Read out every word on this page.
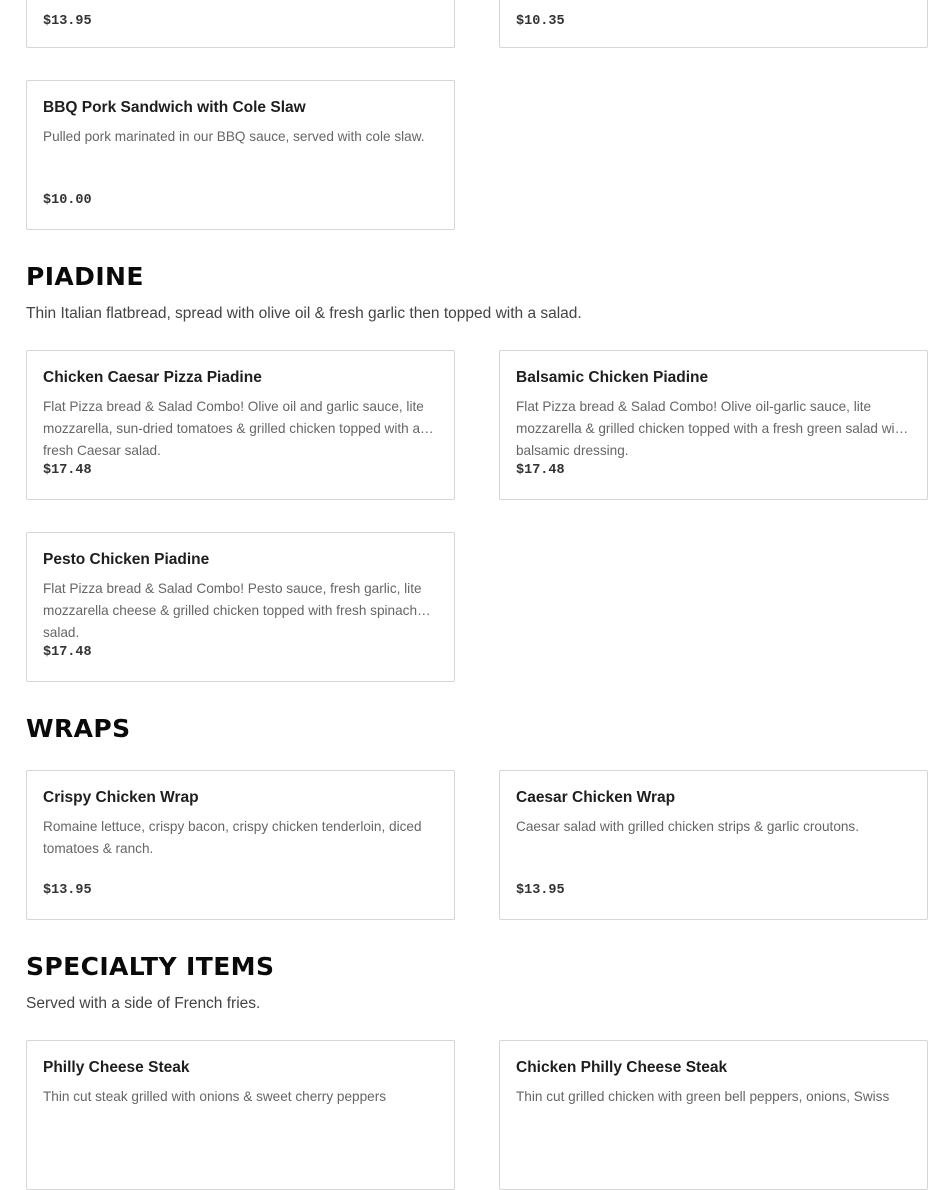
$13.95	$10.35
BBQ Pork Sandwich with Cole Slaw
Pulled pork marinated in our BBQ sauce, served with cole slaw.
$10.00
PIADINE

Thin Italian flatbread, spread with olive oil & fresh garlic then topped with a salad.

Chicken Caesar Pizza Piadine
Flat Pizza bread & Salad Combo! Olive oil and garlic sauce, lite mozzarella, sun-dried tomatoes & grilled chicken topped with a fresh Caesar salad.
$17.48
Balsamic Chicken Piadine
Flat Pizza bread & Salad Combo! Olive oil-garlic sauce, lite mozzarella & grilled chicken topped with a fresh green salad with balsamic dressing.
$17.48
Pesto Chicken Piadine
Flat Pizza bread & Salad Combo! Pesto sauce, fresh garlic, lite mozzarella cheese & grilled chicken topped with fresh spinach salad.
$17.48
WRAPS
Crispy Chicken Wrap
Romaine lettuce, crispy bacon, crispy chicken tenderloin, diced tomatoes & ranch.
$13.95
Caesar Chicken Wrap
Caesar salad with grilled chicken strips & garlic croutons.
$13.95
SPECIALTY ITEMS

Served with a side of French fries.

Philly Cheese Steak
Thin cut steak grilled with onions & sweet cherry peppers
Chicken Philly Cheese Steak
Thin cut grilled chicken with green bell peppers, onions, Swiss
